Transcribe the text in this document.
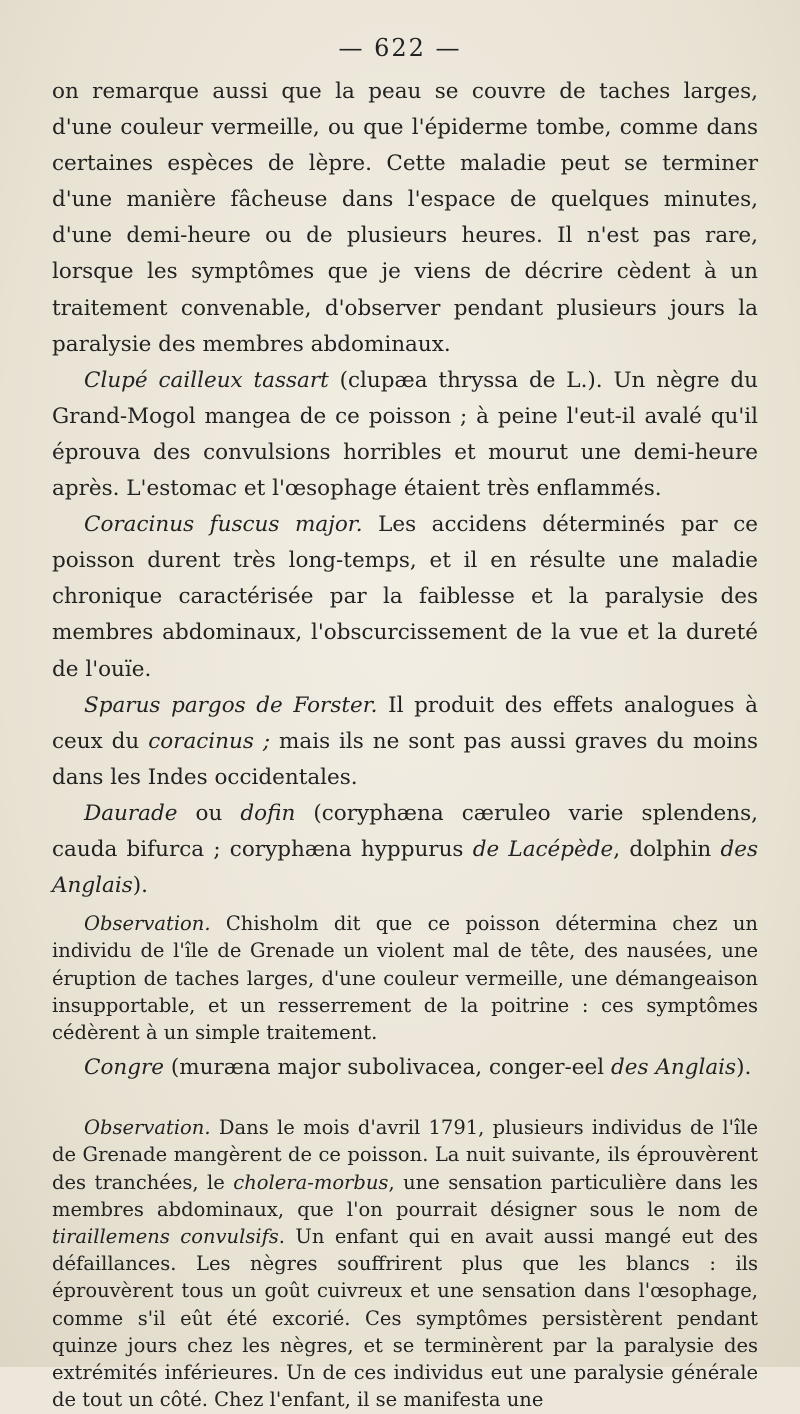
— 622 —

on remarque aussi que la peau se couvre de taches larges, d'une couleur vermeille, ou que l'épiderme tombe, comme dans certaines espèces de lèpre. Cette maladie peut se terminer d'une manière fâcheuse dans l'espace de quelques minutes, d'une demi-heure ou de plusieurs heures. Il n'est pas rare, lorsque les symptômes que je viens de décrire cèdent à un traitement convenable, d'observer pendant plusieurs jours la paralysie des membres abdominaux.

Clupé cailleux tassart (clupæa thryssa de L.). Un nègre du Grand-Mogol mangea de ce poisson ; à peine l'eut-il avalé qu'il éprouva des convulsions horribles et mourut une demi-heure après. L'estomac et l'œsophage étaient très enflammés.

Coracinus fuscus major. Les accidens déterminés par ce poisson durent très long-temps, et il en résulte une maladie chronique caractérisée par la faiblesse et la paralysie des membres abdominaux, l'obscurcissement de la vue et la dureté de l'ouïe.

Sparus pargos de Forster. Il produit des effets analogues à ceux du coracinus ; mais ils ne sont pas aussi graves du moins dans les Indes occidentales.

Daurade ou dofin (coryphæna cæruleo varie splendens, cauda bifurca ; coryphæna hyppurus de Lacépède, dolphin des Anglais).

Observation. Chisholm dit que ce poisson détermina chez un individu de l'île de Grenade un violent mal de tête, des nausées, une éruption de taches larges, d'une couleur vermeille, une démangeaison insupportable, et un resserrement de la poitrine : ces symptômes cédèrent à un simple traitement.

Congre (muræna major subolivacea, conger-eel des Anglais).

Observation. Dans le mois d'avril 1791, plusieurs individus de l'île de Grenade mangèrent de ce poisson. La nuit suivante, ils éprouvèrent des tranchées, le cholera-morbus, une sensation particulière dans les membres abdominaux, que l'on pourrait désigner sous le nom de tiraillemens convulsifs. Un enfant qui en avait aussi mangé eut des défaillances. Les nègres souffrirent plus que les blancs : ils éprouvèrent tous un goût cuivreux et une sensation dans l'œsophage, comme s'il eût été excorié. Ces symptômes persistèrent pendant quinze jours chez les nègres, et se terminèrent par la paralysie des extrémités inférieures. Un de ces individus eut une paralysie générale de tout un côté. Chez l'enfant, il se manifesta une
